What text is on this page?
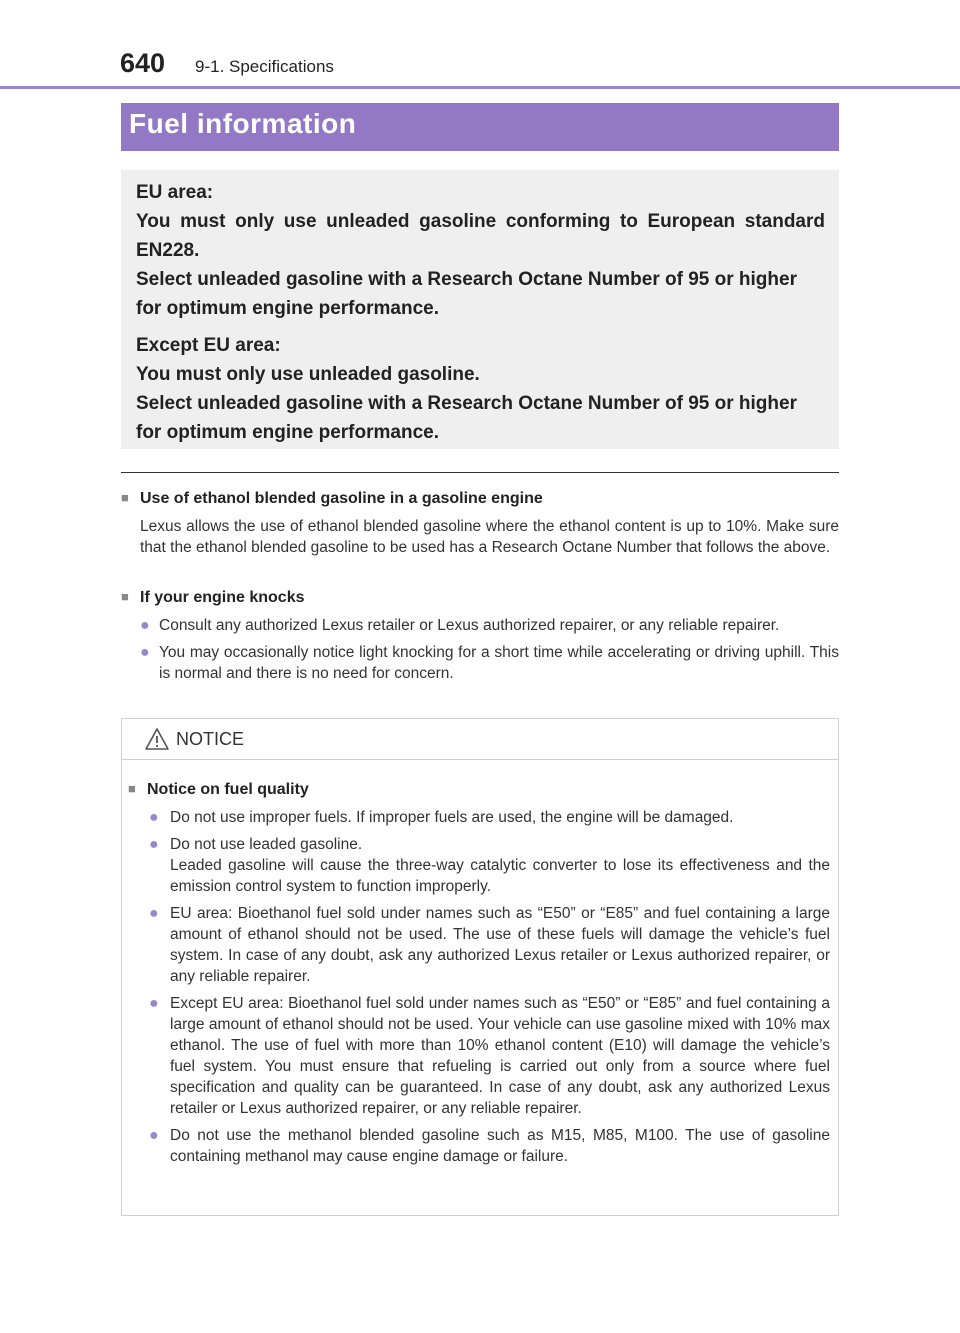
640 9-1. Specifications
Fuel information
EU area:
You must only use unleaded gasoline conforming to European standard EN228.
Select unleaded gasoline with a Research Octane Number of 95 or higher for optimum engine performance.
Except EU area:
You must only use unleaded gasoline.
Select unleaded gasoline with a Research Octane Number of 95 or higher for optimum engine performance.
■ Use of ethanol blended gasoline in a gasoline engine
Lexus allows the use of ethanol blended gasoline where the ethanol content is up to 10%. Make sure that the ethanol blended gasoline to be used has a Research Octane Number that follows the above.
■ If your engine knocks
● Consult any authorized Lexus retailer or Lexus authorized repairer, or any reliable repairer.
● You may occasionally notice light knocking for a short time while accelerating or driving uphill. This is normal and there is no need for concern.
NOTICE
■ Notice on fuel quality
● Do not use improper fuels. If improper fuels are used, the engine will be damaged.
● Do not use leaded gasoline.
Leaded gasoline will cause the three-way catalytic converter to lose its effectiveness and the emission control system to function improperly.
● EU area: Bioethanol fuel sold under names such as “E50” or “E85” and fuel containing a large amount of ethanol should not be used. The use of these fuels will damage the vehicle’s fuel system. In case of any doubt, ask any authorized Lexus retailer or Lexus authorized repairer, or any reliable repairer.
● Except EU area: Bioethanol fuel sold under names such as “E50” or “E85” and fuel containing a large amount of ethanol should not be used. Your vehicle can use gasoline mixed with 10% max ethanol. The use of fuel with more than 10% ethanol content (E10) will damage the vehicle’s fuel system. You must ensure that refueling is carried out only from a source where fuel specification and quality can be guaranteed. In case of any doubt, ask any authorized Lexus retailer or Lexus authorized repairer, or any reliable repairer.
● Do not use the methanol blended gasoline such as M15, M85, M100. The use of gasoline containing methanol may cause engine damage or failure.
